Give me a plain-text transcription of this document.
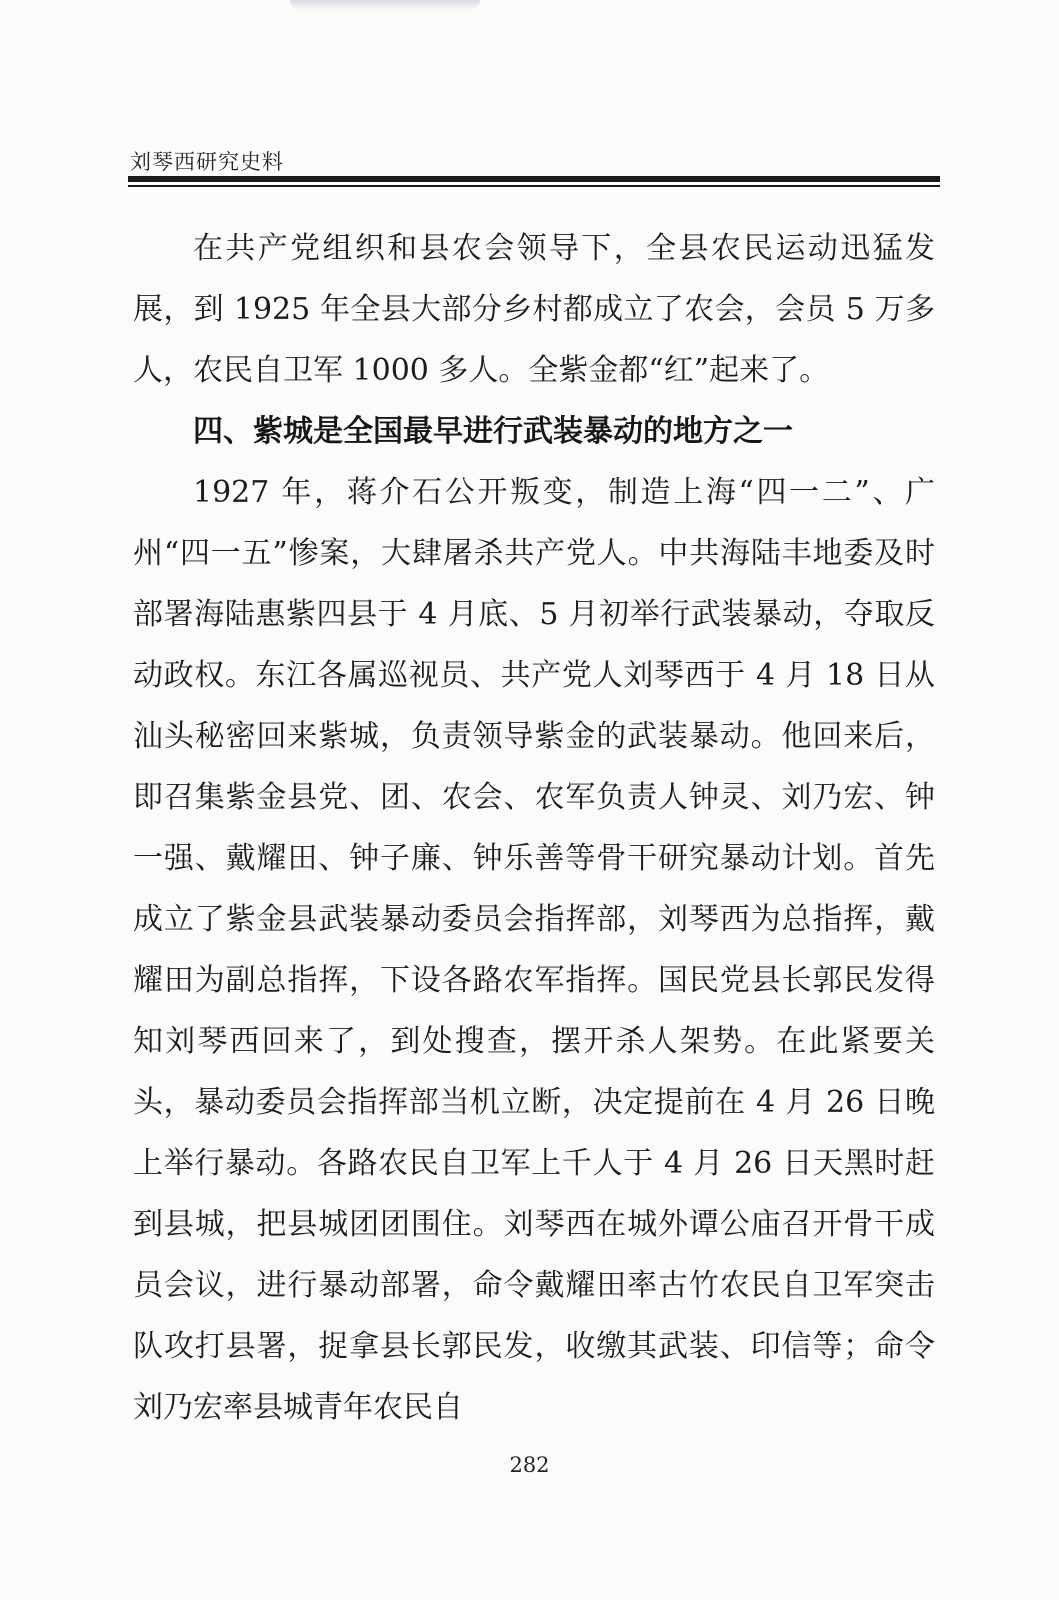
刘琴西研究史料

在共产党组织和县农会领导下，全县农民运动迅猛发展，到 1925 年全县大部分乡村都成立了农会，会员 5 万多人，农民自卫军 1000 多人。全紫金都“红”起来了。

四、紫城是全国最早进行武装暴动的地方之一

1927 年，蒋介石公开叛变，制造上海“四一二”、广州“四一五”惨案，大肆屠杀共产党人。中共海陆丰地委及时部署海陆惠紫四县于 4 月底、5 月初举行武装暴动，夺取反动政权。东江各属巡视员、共产党人刘琴西于 4 月 18 日从汕头秘密回来紫城，负责领导紫金的武装暴动。他回来后，即召集紫金县党、团、农会、农军负责人钟灵、刘乃宏、钟一强、戴耀田、钟子廉、钟乐善等骨干研究暴动计划。首先成立了紫金县武装暴动委员会指挥部，刘琴西为总指挥，戴耀田为副总指挥，下设各路农军指挥。国民党县长郭民发得知刘琴西回来了，到处搜查，摆开杀人架势。在此紧要关头，暴动委员会指挥部当机立断，决定提前在 4 月 26 日晚上举行暴动。各路农民自卫军上千人于 4 月 26 日天黑时赶到县城，把县城团团围住。刘琴西在城外谭公庙召开骨干成员会议，进行暴动部署，命令戴耀田率古竹农民自卫军突击队攻打县署，捉拿县长郭民发，收缴其武装、印信等；命令刘乃宏率县城青年农民自

282
